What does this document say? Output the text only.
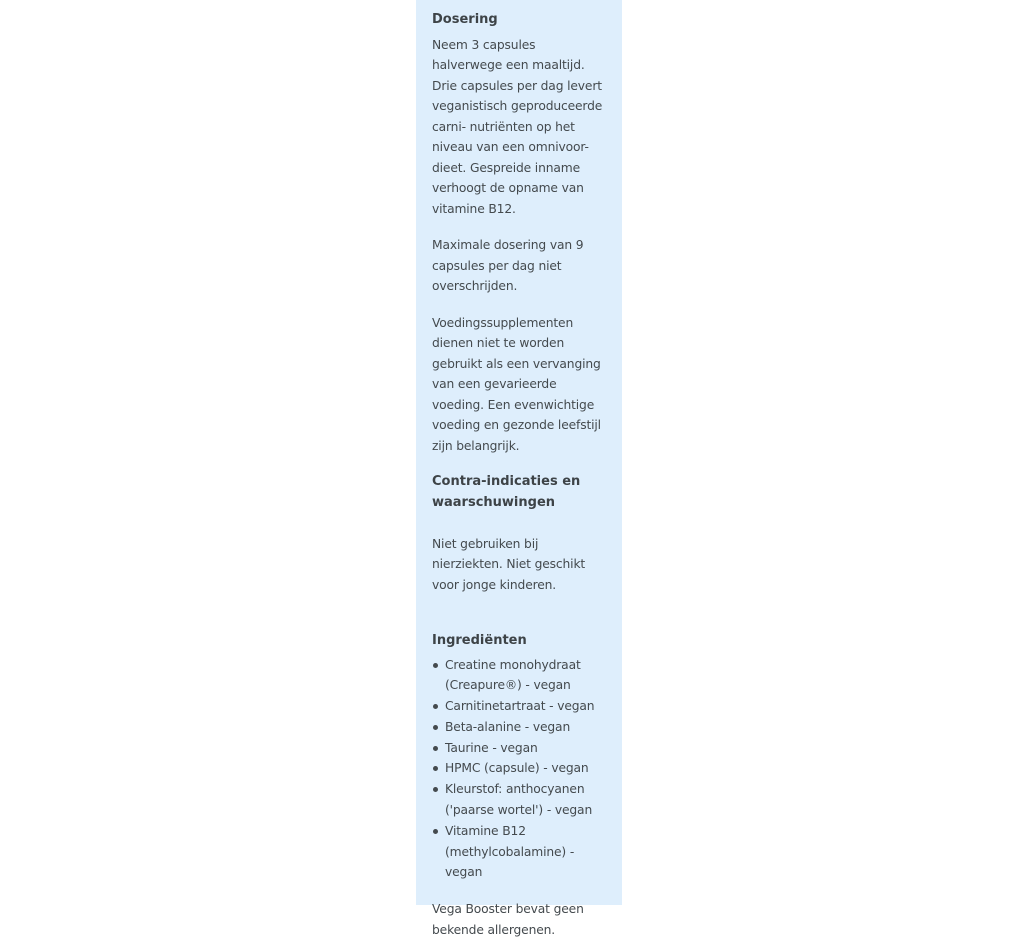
Dosering

Neem 3 capsules halverwege een maaltijd. Drie capsules per dag levert veganistisch geproduceerde carni- nutriënten op het niveau van een omnivoor-dieet. Gespreide inname verhoogt de opname van vitamine B12.

Maximale dosering van 9 capsules per dag niet overschrijden.

Voedingssupplementen dienen niet te worden gebruikt als een vervanging van een gevarieerde voeding. Een evenwichtige voeding en gezonde leefstijl zijn belangrijk.

Contra-indicaties en waarschuwingen

Niet gebruiken bij nierziekten. Niet geschikt voor jonge kinderen.

Ingrediënten
Creatine monohydraat (Creapure®) - vegan
Carnitinetartraat - vegan
Beta-alanine - vegan
Taurine - vegan
HPMC (capsule) - vegan
Kleurstof: anthocyanen ('paarse wortel') - vegan
Vitamine B12 (methylcobalamine) - vegan

Vega Booster bevat geen bekende allergenen.
